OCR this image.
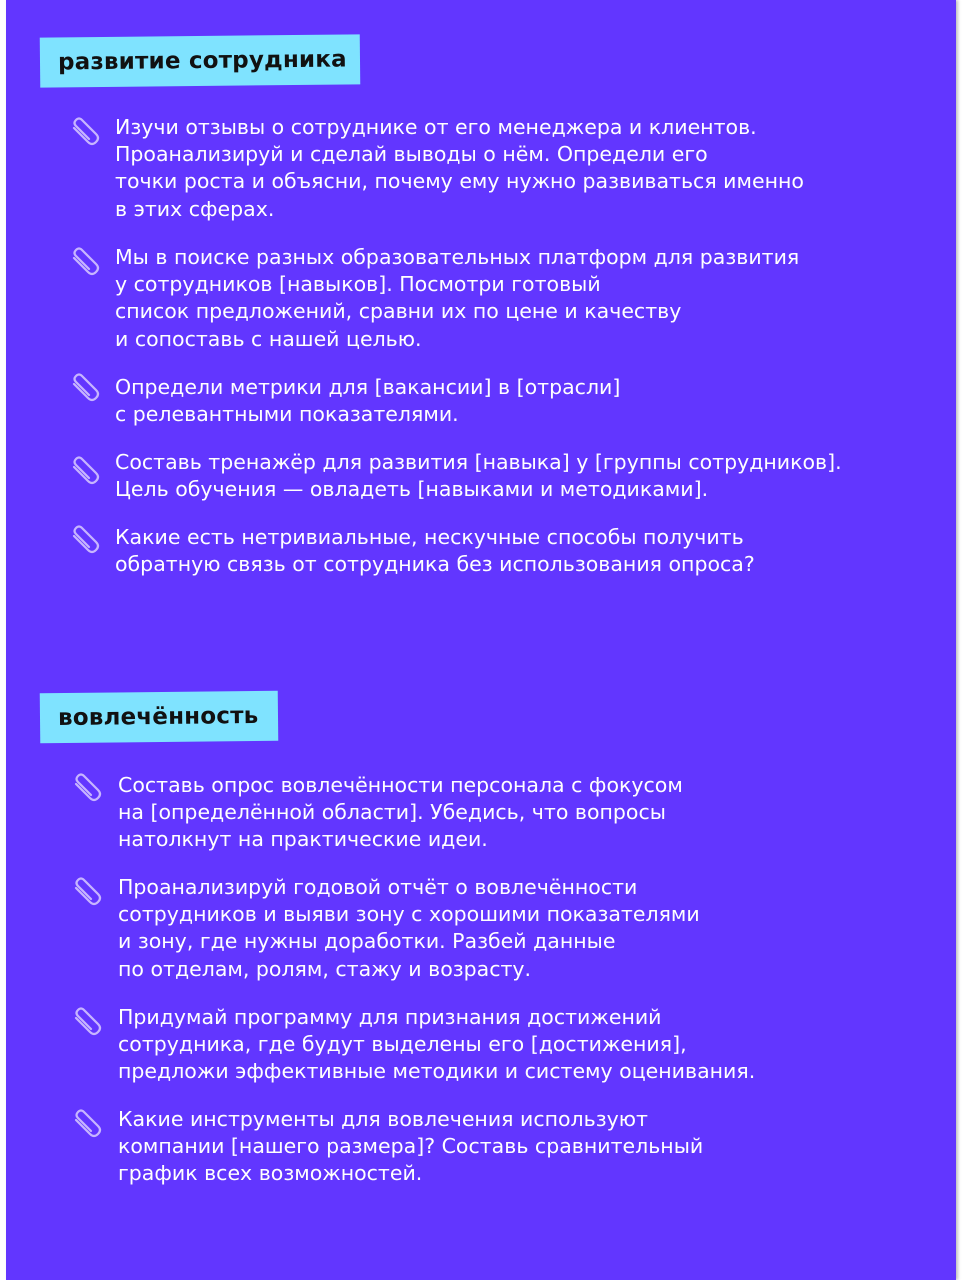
развитие сотрудника
Изучи отзывы о сотруднике от его менеджера и клиентов.
Проанализируй и сделай выводы о нём. Определи его
точки роста и объясни, почему ему нужно развиваться именно
в этих сферах.
Мы в поиске разных образовательных платформ для развития
у сотрудников [навыков]. Посмотри готовый
список предложений, сравни их по цене и качеству
и сопоставь с нашей целью.
Определи метрики для [вакансии] в [отрасли]
с релевантными показателями.
Составь тренажёр для развития [навыка] у [группы сотрудников].
Цель обучения — овладеть [навыками и методиками].
Какие есть нетривиальные, нескучные способы получить
обратную связь от сотрудника без использования опроса?
вовлечённость
Составь опрос вовлечённости персонала с фокусом
на [определённой области]. Убедись, что вопросы
натолкнут на практические идеи.
Проанализируй годовой отчёт о вовлечённости
сотрудников и выяви зону с хорошими показателями
и зону, где нужны доработки. Разбей данные
по отделам, ролям, стажу и возрасту.
Придумай программу для признания достижений
сотрудника, где будут выделены его [достижения],
предложи эффективные методики и систему оценивания.
Какие инструменты для вовлечения используют
компании [нашего размера]? Составь сравнительный
график всех возможностей.
